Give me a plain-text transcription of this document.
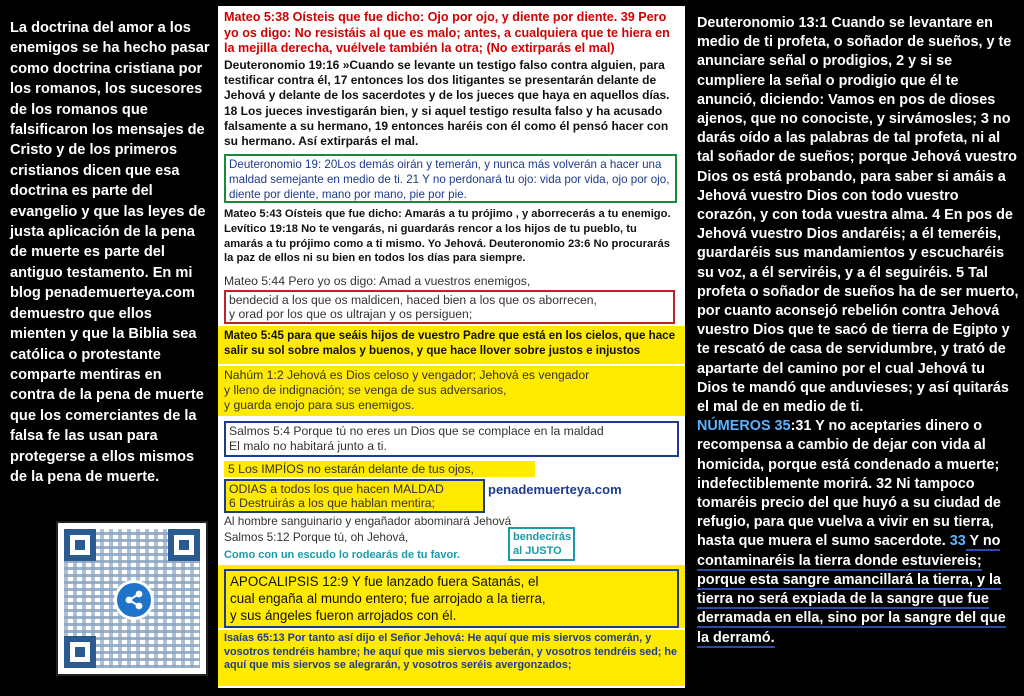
La doctrina del amor a los enemigos se ha hecho pasar como doctrina cristiana por los romanos, los sucesores de los romanos que falsificaron los mensajes de Cristo y de los primeros cristianos dicen que esa doctrina es parte del evangelio y que las leyes de justa aplicación de la pena de muerte es parte del antiguo testamento. En mi blog penademuerteya.com demuestro que ellos mienten y que la Biblia sea católica o protestante comparte mentiras en contra de la pena de muerte que los comerciantes de la falsa fe las usan para protegerse a ellos mismos de la pena de muerte.
Mateo 5:38 Oísteis que fue dicho: Ojo por ojo, y diente por diente. 39 Pero yo os digo: No resistáis al que es malo; antes, a cualquiera que te hiera en la mejilla derecha, vuélvele también la otra; (No extirparás el mal)
Deuteronomio 19:16 »Cuando se levante un testigo falso contra alguien, para testificar contra él, 17 entonces los dos litigantes se presentarán delante de Jehová y delante de los sacerdotes y de los jueces que haya en aquellos días. 18 Los jueces investigarán bien, y si aquel testigo resulta falso y ha acusado falsamente a su hermano, 19 entonces haréis con él como él pensó hacer con su hermano. Así extirparás el mal.
Deuteronomio 19: 20Los demás oirán y temerán, y nunca más volverán a hacer una maldad semejante en medio de ti. 21 Y no perdonará tu ojo: vida por vida, ojo por ojo, diente por diente, mano por mano, pie por pie.
Mateo 5:43 Oísteis que fue dicho: Amarás a tu prójimo , y aborrecerás a tu enemigo. Levítico 19:18 No te vengarás, ni guardarás rencor a los hijos de tu pueblo, tu amarás a tu prójimo como a ti mismo. Yo Jehová. Deuteronomio 23:6 No procurarás la paz de ellos ni su bien en todos los días para siempre.
Mateo 5:44 Pero yo os digo: Amad a vuestros enemigos,
bendecid a los que os maldicen, haced bien a los que os aborrecen,
y orad por los que os ultrajan y os persiguen;
Mateo 5:45 para que seáis hijos de vuestro Padre que está en los cielos, que hace salir su sol sobre malos y buenos, y que hace llover sobre justos e injustos
Nahúm 1:2 Jehová es Dios celoso y vengador; Jehová es vengador
y lleno de indignación; se venga de sus adversarios,
y guarda enojo para sus enemigos.
Salmos 5:4 Porque tú no eres un Dios que se complace en la maldad
El malo no habitará junto a ti.
5 Los IMPÍOS no estarán delante de tus ojos,
ODIAS a todos los que hacen MALDAD
6 Destruirás a los que hablan mentira;
penademuerteya.com
Al hombre sanguinario y engañador abominará Jehová
Salmos 5:12 Porque tú, oh Jehová,	bendecirás al JUSTO
Como con un escudo lo rodearás de tu favor.
APOCALIPSIS 12:9 Y fue lanzado fuera Satanás, el
cual engaña al mundo entero; fue arrojado a la tierra,
y sus ángeles fueron arrojados con él.
Isaías 65:13 Por tanto así dijo el Señor Jehová: He aquí que mis siervos comerán, y vosotros tendréis hambre; he aquí que mis siervos beberán, y vosotros tendréis sed; he aquí que mis siervos se alegrarán, y vosotros seréis avergonzados;
Deuteronomio 13:1 Cuando se levantare en medio de ti profeta, o soñador de sueños, y te anunciare señal o prodigios, 2 y si se cumpliere la señal o prodigio que él te anunció, diciendo: Vamos en pos de dioses ajenos, que no conociste, y sirvámosles; 3 no darás oído a las palabras de tal profeta, ni al tal soñador de sueños; porque Jehová vuestro Dios os está probando, para saber si amáis a Jehová vuestro Dios con todo vuestro corazón, y con toda vuestra alma. 4 En pos de Jehová vuestro Dios andaréis; a él temeréis, guardaréis sus mandamientos y escucharéis su voz, a él serviréis, y a él seguiréis. 5 Tal profeta o soñador de sueños ha de ser muerto, por cuanto aconsejó rebelión contra Jehová vuestro Dios que te sacó de tierra de Egipto y te rescató de casa de servidumbre, y trató de apartarte del camino por el cual Jehová tu Dios te mandó que anduvieses; y así quitarás el mal de en medio de ti.
NÚMEROS 35:31 Y no aceptaries dinero o recompensa a cambio de dejar con vida al homicida, porque está condenado a muerte; indefectiblemente morirá. 32 Ni tampoco tomaréis precio del que huyó a su ciudad de refugio, para que vuelva a vivir en su tierra, hasta que muera el sumo sacerdote. 33 Y no contaminaréis la tierra donde estuviereis; porque esta sangre amancillará la tierra, y la tierra no será expiada de la sangre que fue derramada en ella, sino por la sangre del que la derramó.
